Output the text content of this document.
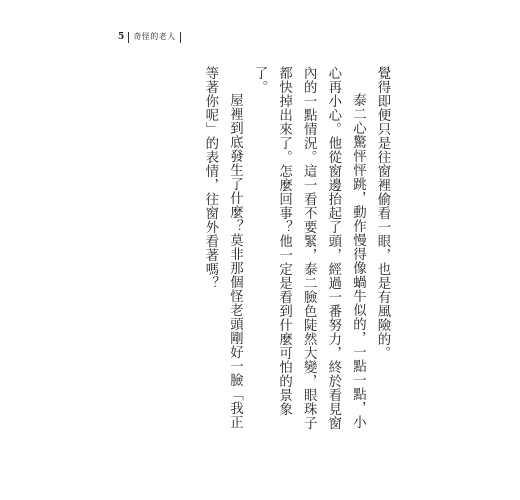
5 奇怪的老人

覺得即便只是往窗裡偷看一眼，也是有風險的。

泰二心驚怦怦跳，動作慢得像蝸牛似的，一點一點，小心再小心。他從窗邊抬起了頭，經過一番努力，終於看見窗內的一點情況。這一看不要緊，泰二臉色陡然大變，眼珠子都快掉出來了。怎麼回事？他一定是看到什麼可怕的景象了。

屋裡到底發生了什麼？莫非那個怪老頭剛好一臉「我正等著你呢」的表情，往窗外看著嗎？
